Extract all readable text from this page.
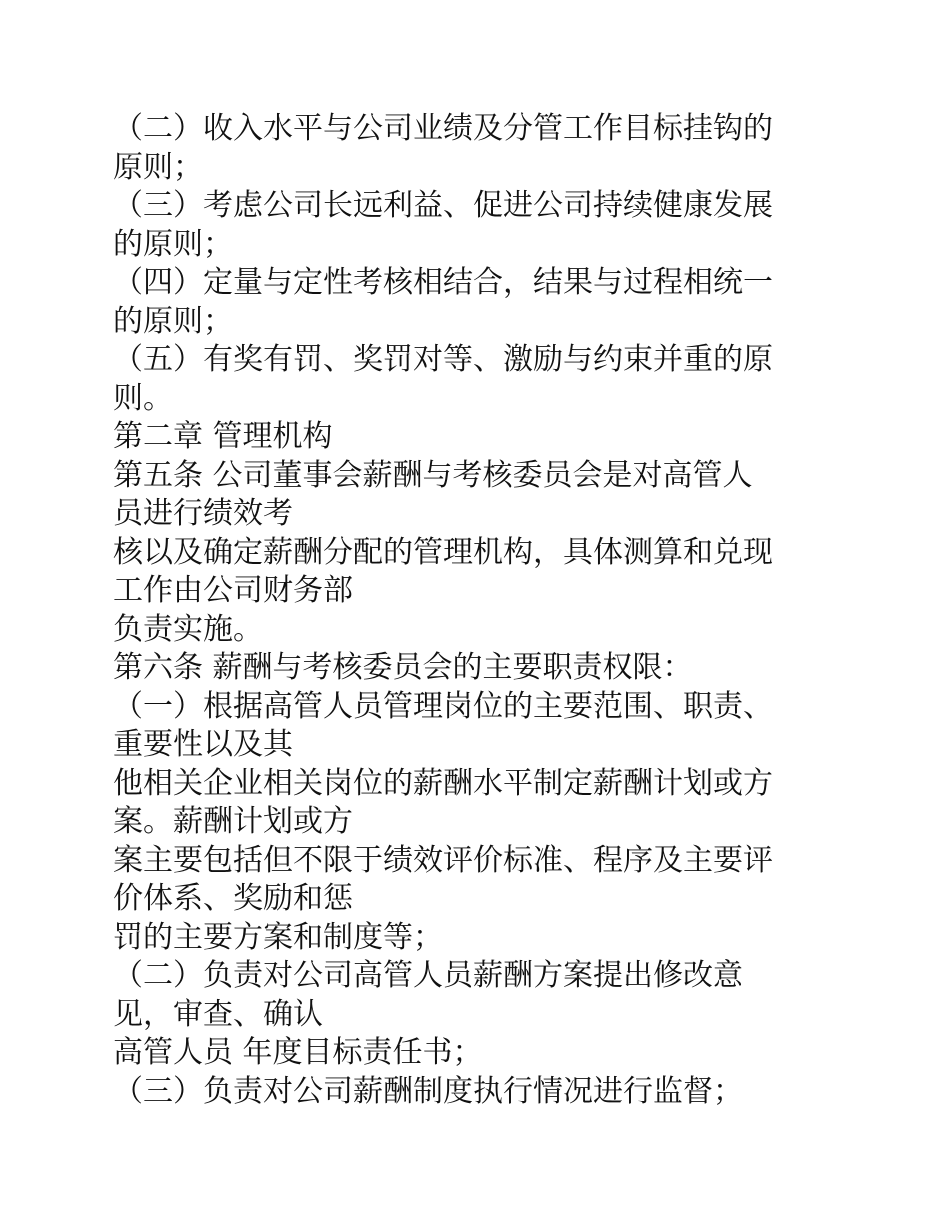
（二）收入水平与公司业绩及分管工作目标挂钩的

原则；

（三）考虑公司长远利益、促进公司持续健康发展

的原则；

（四）定量与定性考核相结合，结果与过程相统一

的原则；

（五）有奖有罚、奖罚对等、激励与约束并重的原

则。

第二章 管理机构

第五条 公司董事会薪酬与考核委员会是对高管人

员进行绩效考

核以及确定薪酬分配的管理机构，具体测算和兑现

工作由公司财务部

负责实施。

第六条 薪酬与考核委员会的主要职责权限：

（一）根据高管人员管理岗位的主要范围、职责、

重要性以及其

他相关企业相关岗位的薪酬水平制定薪酬计划或方

案。薪酬计划或方

案主要包括但不限于绩效评价标准、程序及主要评

价体系、奖励和惩

罚的主要方案和制度等；

（二）负责对公司高管人员薪酬方案提出修改意

见，审查、确认

高管人员 年度目标责任书；

（三）负责对公司薪酬制度执行情况进行监督；
